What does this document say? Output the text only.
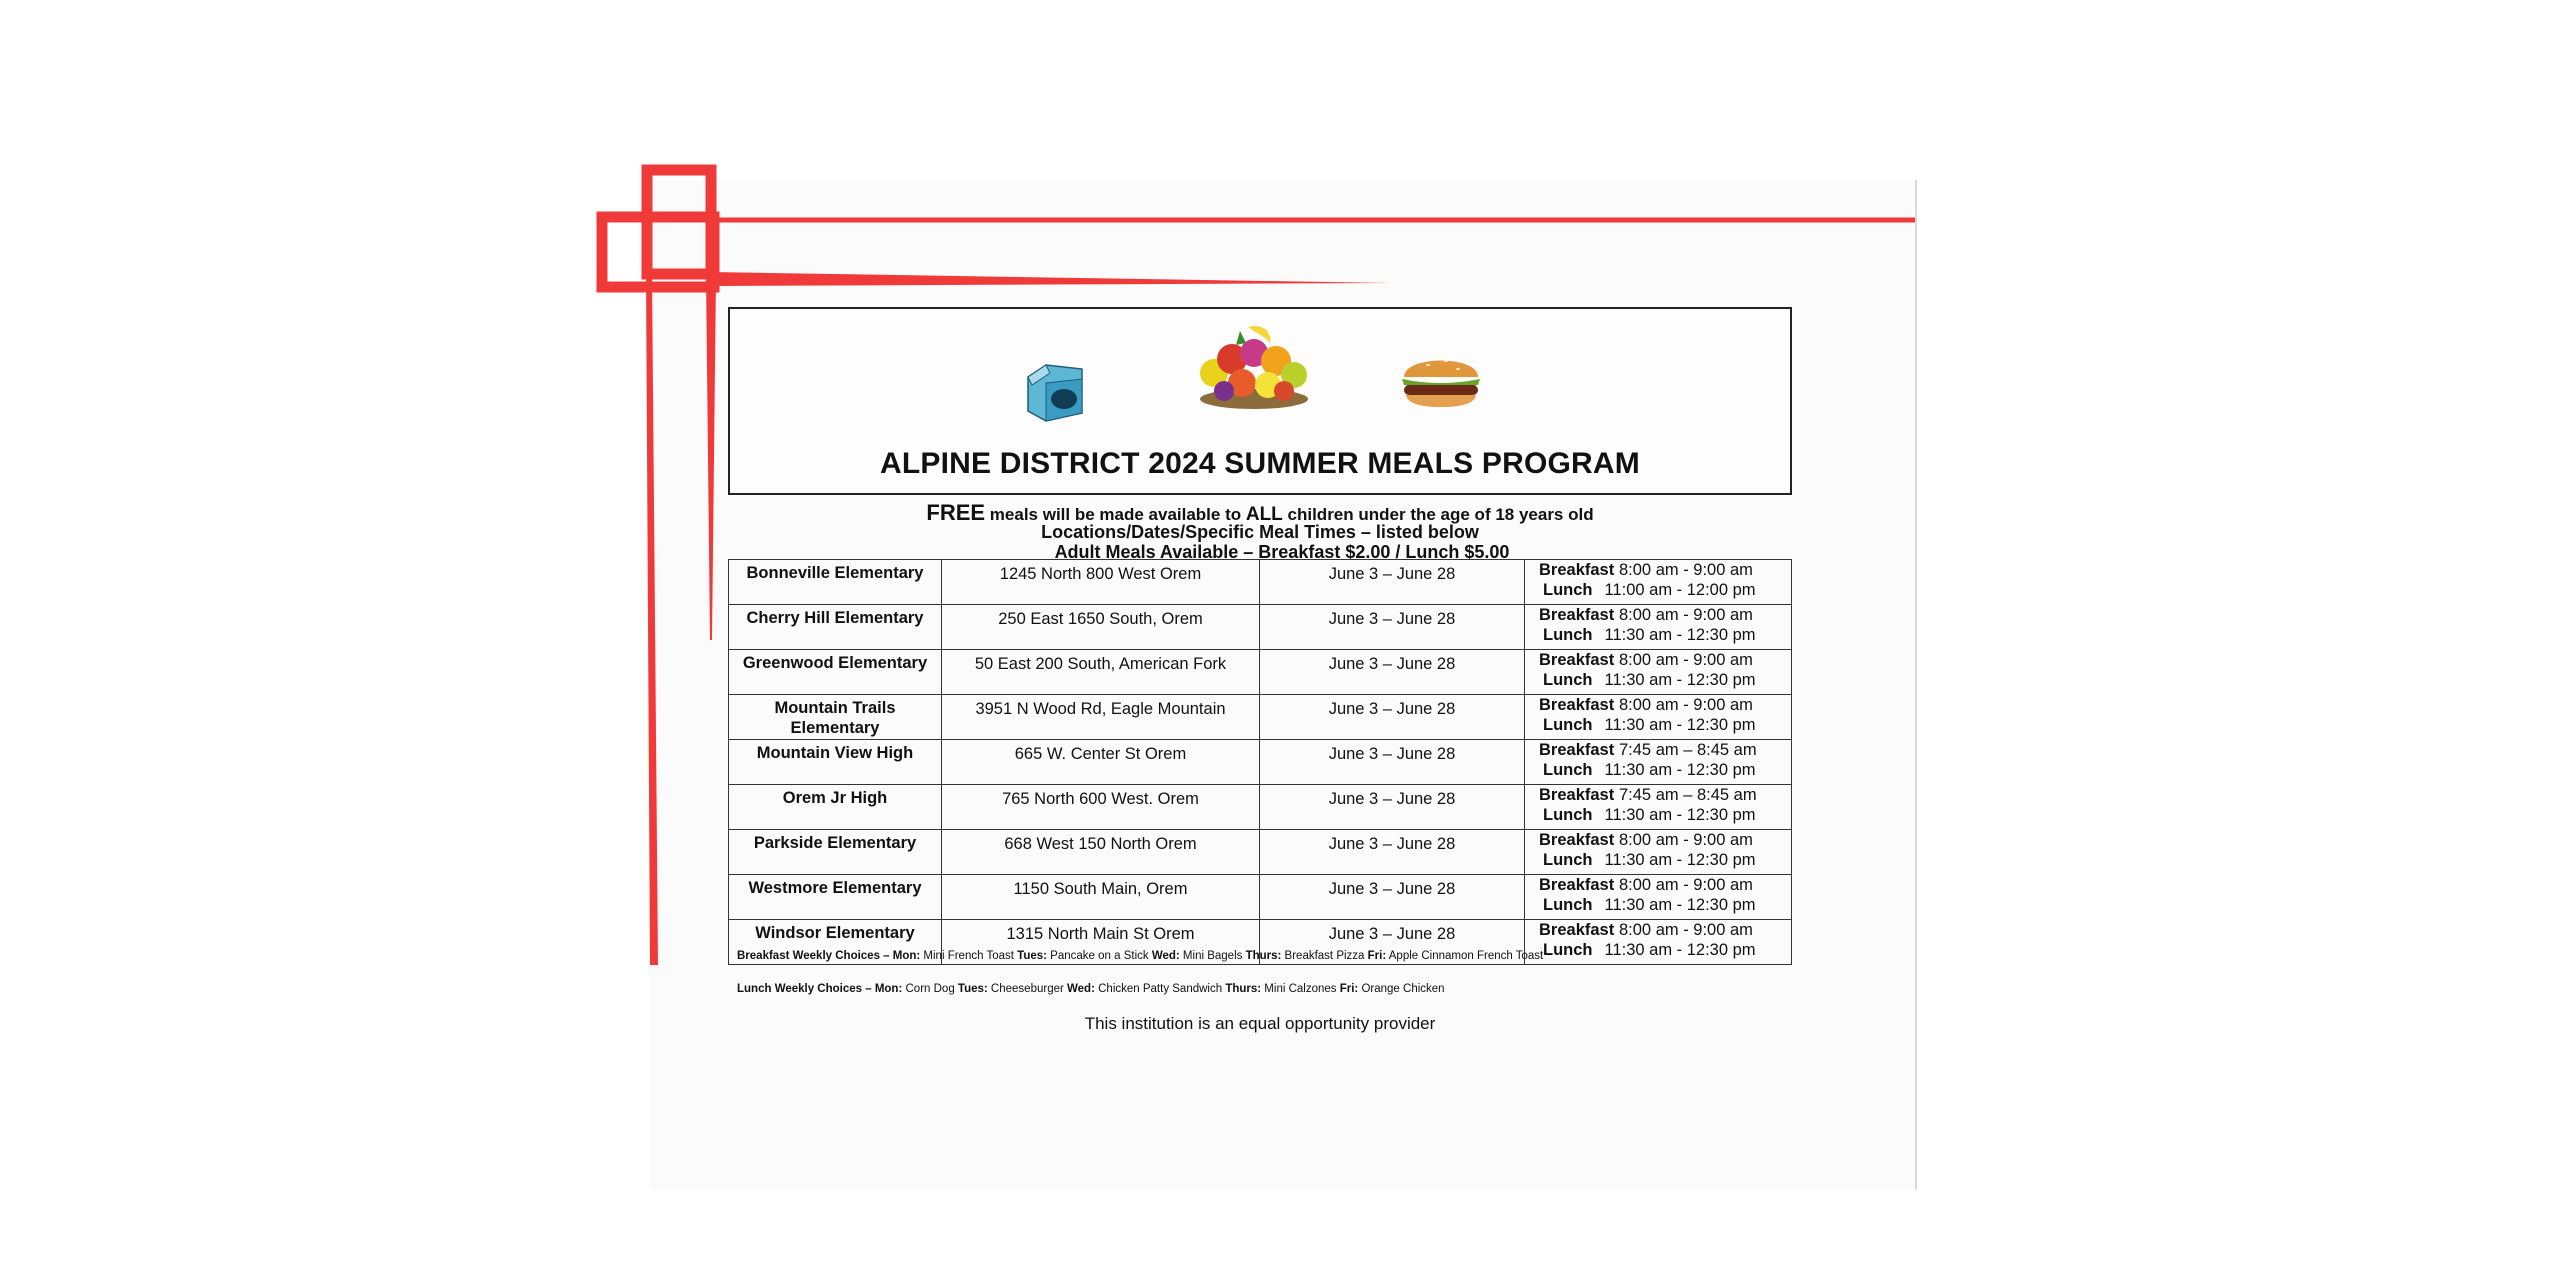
ALPINE DISTRICT 2024 SUMMER MEALS PROGRAM

FREE meals will be made available to ALL children under the age of 18 years old

Locations/Dates/Specific Meal Times – listed below

Adult Meals Available – Breakfast $2.00 / Lunch $5.00

Bonneville Elementary	1245 North 800 West Orem	June 3 – June 28	Breakfast 8:00 am - 9:00 am
Lunch 11:00 am - 12:00 pm

Cherry Hill Elementary	250 East 1650 South, Orem	June 3 – June 28	Breakfast 8:00 am - 9:00 am
Lunch 11:30 am - 12:30 pm

Greenwood Elementary	50 East 200 South, American Fork	June 3 – June 28	Breakfast 8:00 am - 9:00 am
Lunch 11:30 am - 12:30 pm

Mountain Trails Elementary	3951 N Wood Rd, Eagle Mountain	June 3 – June 28	Breakfast 8:00 am - 9:00 am
Lunch 11:30 am - 12:30 pm

Mountain View High	665 W. Center St Orem	June 3 – June 28	Breakfast 7:45 am – 8:45 am
Lunch 11:30 am - 12:30 pm

Orem Jr High	765 North 600 West. Orem	June 3 – June 28	Breakfast 7:45 am – 8:45 am
Lunch 11:30 am - 12:30 pm

Parkside Elementary	668 West 150 North Orem	June 3 – June 28	Breakfast 8:00 am - 9:00 am
Lunch 11:30 am - 12:30 pm

Westmore Elementary	1150 South Main, Orem	June 3 – June 28	Breakfast 8:00 am - 9:00 am
Lunch 11:30 am - 12:30 pm

Windsor Elementary	1315 North Main St Orem	June 3 – June 28	Breakfast 8:00 am - 9:00 am
Lunch 11:30 am - 12:30 pm

Breakfast Weekly Choices – Mon: Mini French Toast Tues: Pancake on a Stick Wed: Mini Bagels Thurs: Breakfast Pizza Fri: Apple Cinnamon French Toast

Lunch Weekly Choices – Mon: Corn Dog Tues: Cheeseburger Wed: Chicken Patty Sandwich Thurs: Mini Calzones Fri: Orange Chicken

This institution is an equal opportunity provider
